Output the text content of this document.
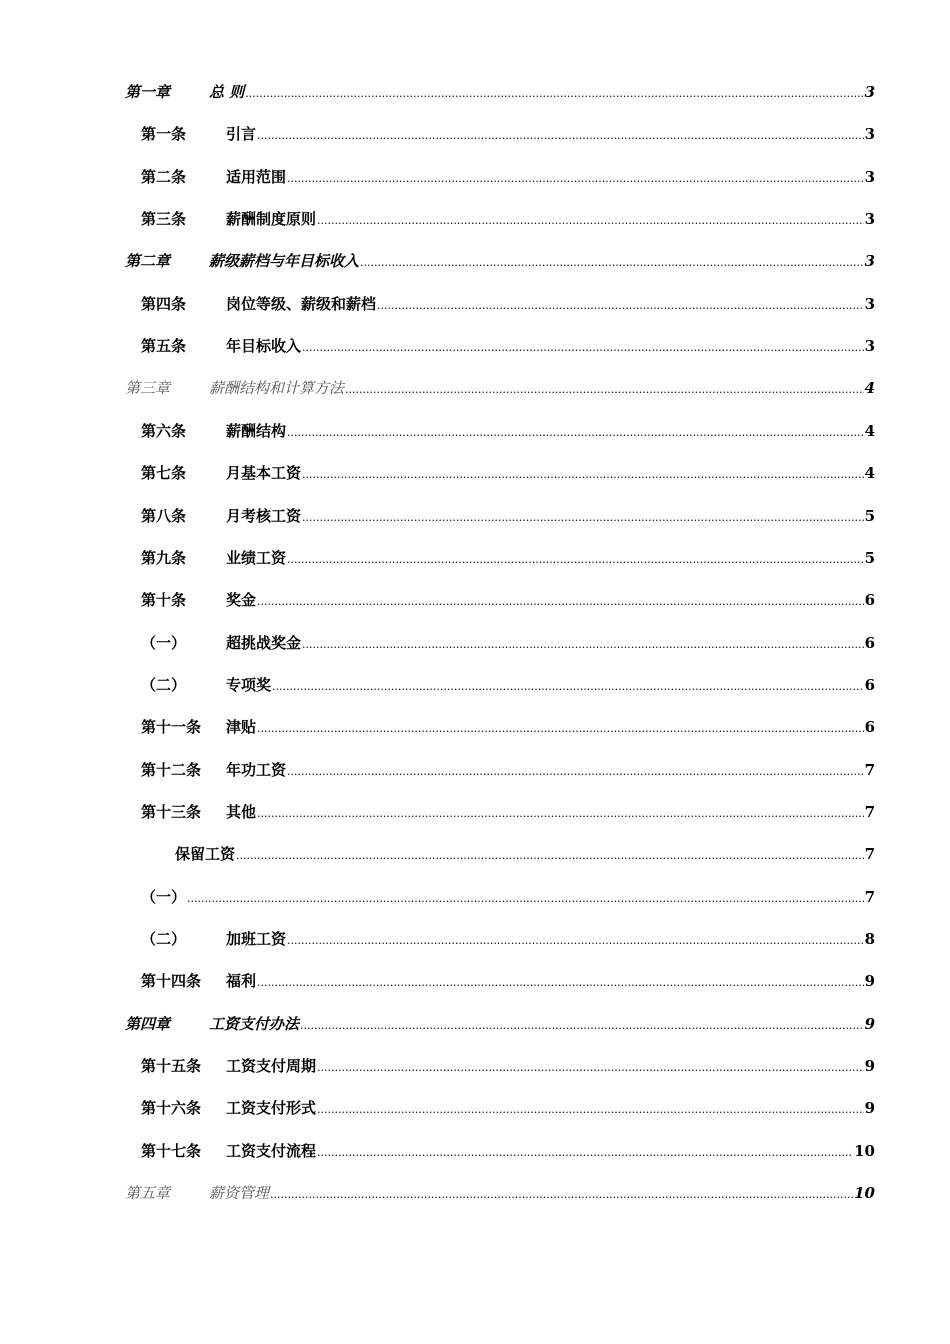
第一章	总 则 .....	3
第一条	引言 .....	3
第二条	适用范围 .....	3
第三条	薪酬制度原则 .....	3
第二章	薪级薪档与年目标收入 .....	3
第四条	岗位等级、薪级和薪档 .....	3
第五条	年目标收入 .....	3
第三章	薪酬结构和计算方法 .....	4
第六条	薪酬结构 .....	4
第七条	月基本工资 .....	4
第八条	月考核工资 .....	5
第九条	业绩工资 .....	5
第十条	奖金 .....	6
（一）	超挑战奖金 .....	6
（二）	专项奖 .....	6
第十一条	津贴 .....	6
第十二条	年功工资 .....	7
第十三条	其他 .....	7
保留工资 .....	7
（一） .....	7
（二）	加班工资 .....	8
第十四条	福利 .....	9
第四章	工资支付办法 .....	9
第十五条	工资支付周期 .....	9
第十六条	工资支付形式 .....	9
第十七条	工资支付流程 .....	10
第五章	薪资管理 .....	10
